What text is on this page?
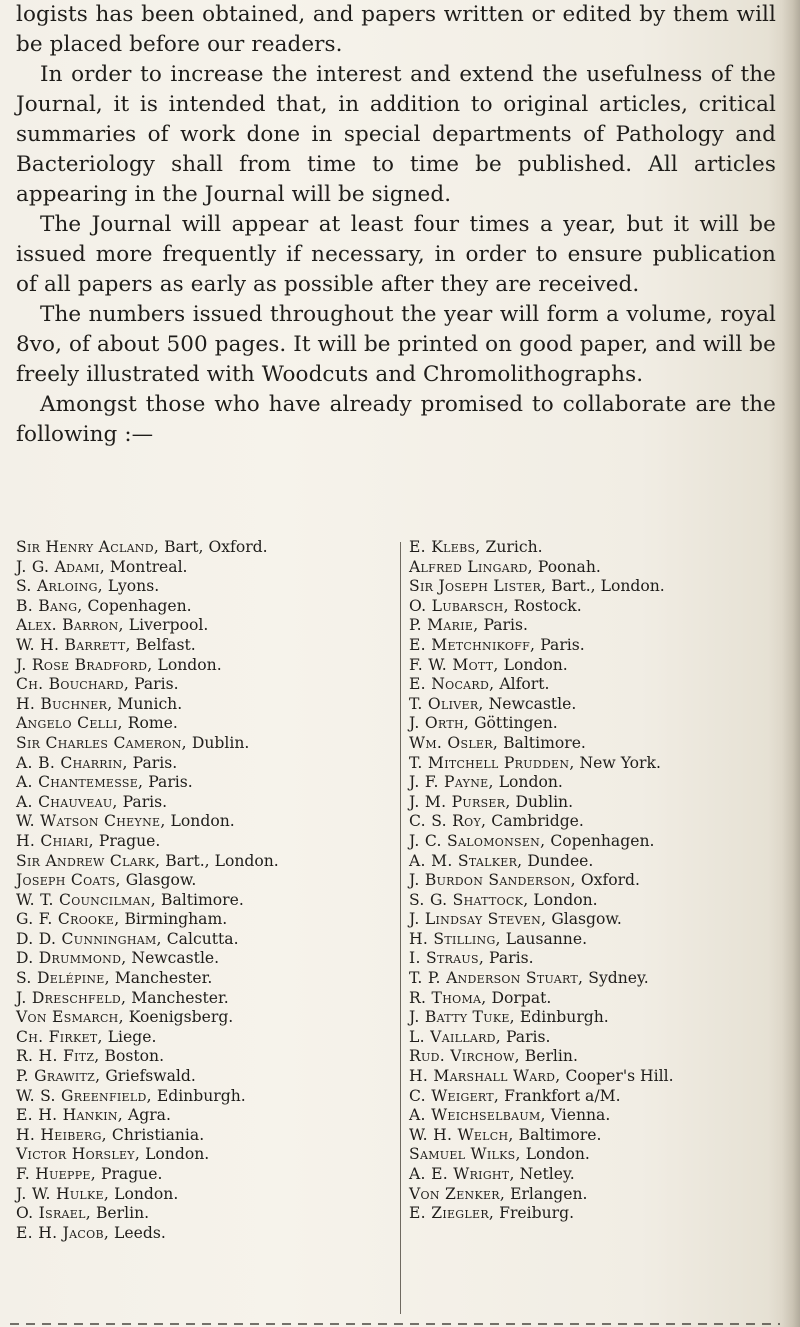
logists has been obtained, and papers written or edited by them will be placed before our readers.

In order to increase the interest and extend the usefulness of the Journal, it is intended that, in addition to original articles, critical summaries of work done in special departments of Pathology and Bacteriology shall from time to time be published. All articles appearing in the Journal will be signed.

The Journal will appear at least four times a year, but it will be issued more frequently if necessary, in order to ensure publication of all papers as early as possible after they are received.

The numbers issued throughout the year will form a volume, royal 8vo, of about 500 pages. It will be printed on good paper, and will be freely illustrated with Woodcuts and Chromolithographs.

Amongst those who have already promised to collaborate are the following :—

Sir Henry Acland, Bart, Oxford.
J. G. Adami, Montreal.
S. Arloing, Lyons.
B. Bang, Copenhagen.
Alex. Barron, Liverpool.
W. H. Barrett, Belfast.
J. Rose Bradford, London.
Ch. Bouchard, Paris.
H. Buchner, Munich.
Angelo Celli, Rome.
Sir Charles Cameron, Dublin.
A. B. Charrin, Paris.
A. Chantemesse, Paris.
A. Chauveau, Paris.
W. Watson Cheyne, London.
H. Chiari, Prague.
Sir Andrew Clark, Bart., London.
Joseph Coats, Glasgow.
W. T. Councilman, Baltimore.
G. F. Crooke, Birmingham.
D. D. Cunningham, Calcutta.
D. Drummond, Newcastle.
S. Delépine, Manchester.
J. Dreschfeld, Manchester.
Von Esmarch, Koenigsberg.
Ch. Firket, Liege.
R. H. Fitz, Boston.
P. Grawitz, Griefswald.
W. S. Greenfield, Edinburgh.
E. H. Hankin, Agra.
H. Heiberg, Christiania.
Victor Horsley, London.
F. Hueppe, Prague.
J. W. Hulke, London.
O. Israel, Berlin.
E. H. Jacob, Leeds.
E. Klebs, Zurich.
Alfred Lingard, Poonah.
Sir Joseph Lister, Bart., London.
O. Lubarsch, Rostock.
P. Marie, Paris.
E. Metchnikoff, Paris.
F. W. Mott, London.
E. Nocard, Alfort.
T. Oliver, Newcastle.
J. Orth, Göttingen.
Wm. Osler, Baltimore.
T. Mitchell Prudden, New York.
J. F. Payne, London.
J. M. Purser, Dublin.
C. S. Roy, Cambridge.
J. C. Salomonsen, Copenhagen.
A. M. Stalker, Dundee.
J. Burdon Sanderson, Oxford.
S. G. Shattock, London.
J. Lindsay Steven, Glasgow.
H. Stilling, Lausanne.
I. Straus, Paris.
T. P. Anderson Stuart, Sydney.
R. Thoma, Dorpat.
J. Batty Tuke, Edinburgh.
L. Vaillard, Paris.
Rud. Virchow, Berlin.
H. Marshall Ward, Cooper's Hill.
C. Weigert, Frankfort a/M.
A. Weichselbaum, Vienna.
W. H. Welch, Baltimore.
Samuel Wilks, London.
A. E. Wright, Netley.
Von Zenker, Erlangen.
E. Ziegler, Freiburg.
